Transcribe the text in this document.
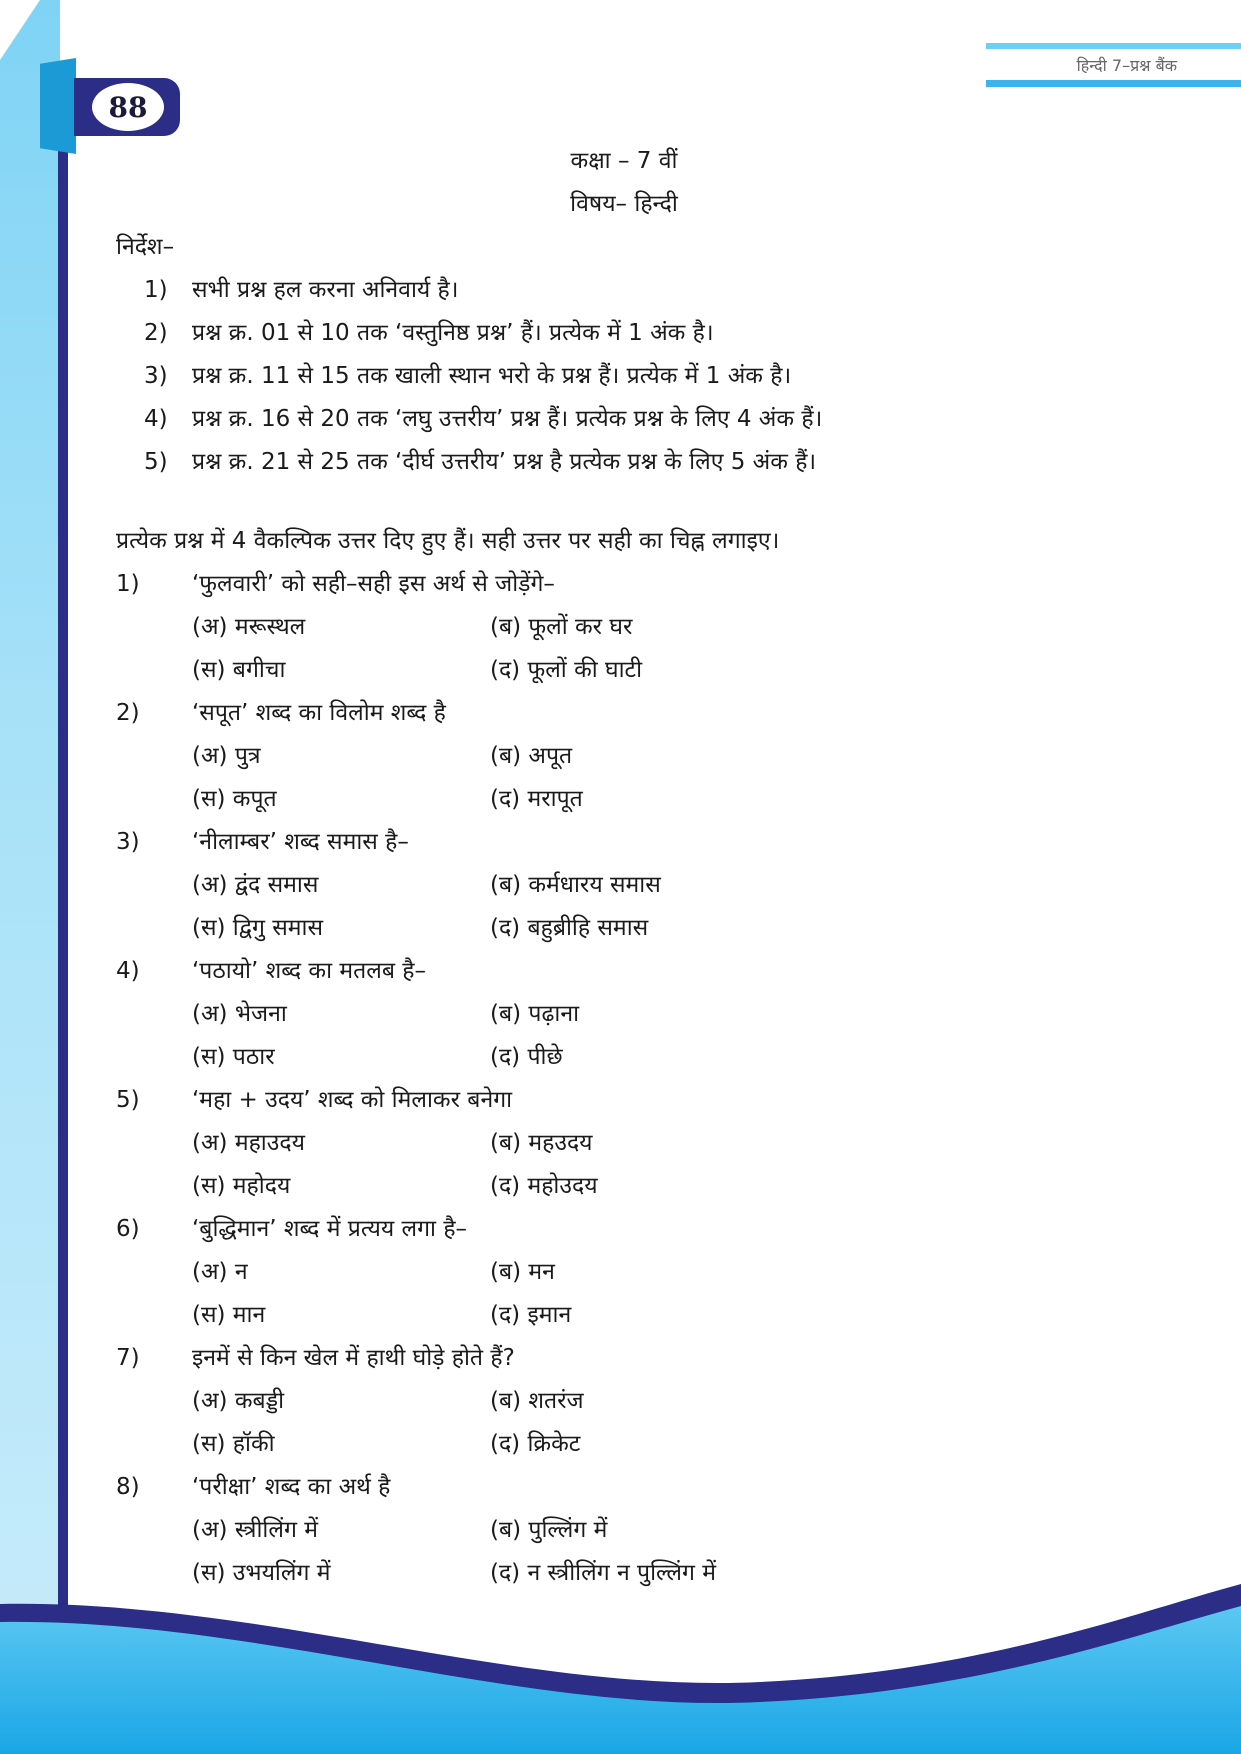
88
हिन्दी 7–प्रश्न बैंक
कक्षा – 7 वीं
विषय– हिन्दी
निर्देश–
1)	सभी प्रश्न हल करना अनिवार्य है।
2)	प्रश्न क्र. 01 से 10 तक ‘वस्तुनिष्ठ प्रश्न’ हैं। प्रत्येक में 1 अंक है।
3)	प्रश्न क्र. 11 से 15 तक खाली स्थान भरो के प्रश्न हैं। प्रत्येक में 1 अंक है।
4)	प्रश्न क्र. 16 से 20 तक ‘लघु उत्तरीय’ प्रश्न हैं। प्रत्येक प्रश्न के लिए 4 अंक हैं।
5)	प्रश्न क्र. 21 से 25 तक ‘दीर्घ उत्तरीय’ प्रश्न है प्रत्येक प्रश्न के लिए 5 अंक हैं।
प्रत्येक प्रश्न में 4 वैकल्पिक उत्तर दिए हुए हैं। सही उत्तर पर सही का चिह्न लगाइए।
1)	‘फुलवारी’ को सही–सही इस अर्थ से जोड़ेंगे–
(अ) मरूस्थल	(ब) फूलों कर घर
(स) बगीचा	(द) फूलों की घाटी
2)	‘सपूत’ शब्द का विलोम शब्द है
(अ) पुत्र	(ब) अपूत
(स) कपूत	(द) मरापूत
3)	‘नीलाम्बर’ शब्द समास है–
(अ) द्वंद समास	(ब) कर्मधारय समास
(स) द्विगु समास	(द) बहुब्रीहि समास
4)	‘पठायो’ शब्द का मतलब है–
(अ) भेजना	(ब) पढ़ाना
(स) पठार	(द) पीछे
5)	‘महा + उदय’ शब्द को मिलाकर बनेगा
(अ) महाउदय	(ब) महउदय
(स) महोदय	(द) महोउदय
6)	‘बुद्धिमान’ शब्द में प्रत्यय लगा है–
(अ) न	(ब) मन
(स) मान	(द) इमान
7)	इनमें से किन खेल में हाथी घोड़े होते हैं?
(अ) कबड्डी	(ब) शतरंज
(स) हॉकी	(द) क्रिकेट
8)	‘परीक्षा’ शब्द का अर्थ है
(अ) स्त्रीलिंग में	(ब) पुल्लिंग में
(स) उभयलिंग में	(द) न स्त्रीलिंग न पुल्लिंग में
